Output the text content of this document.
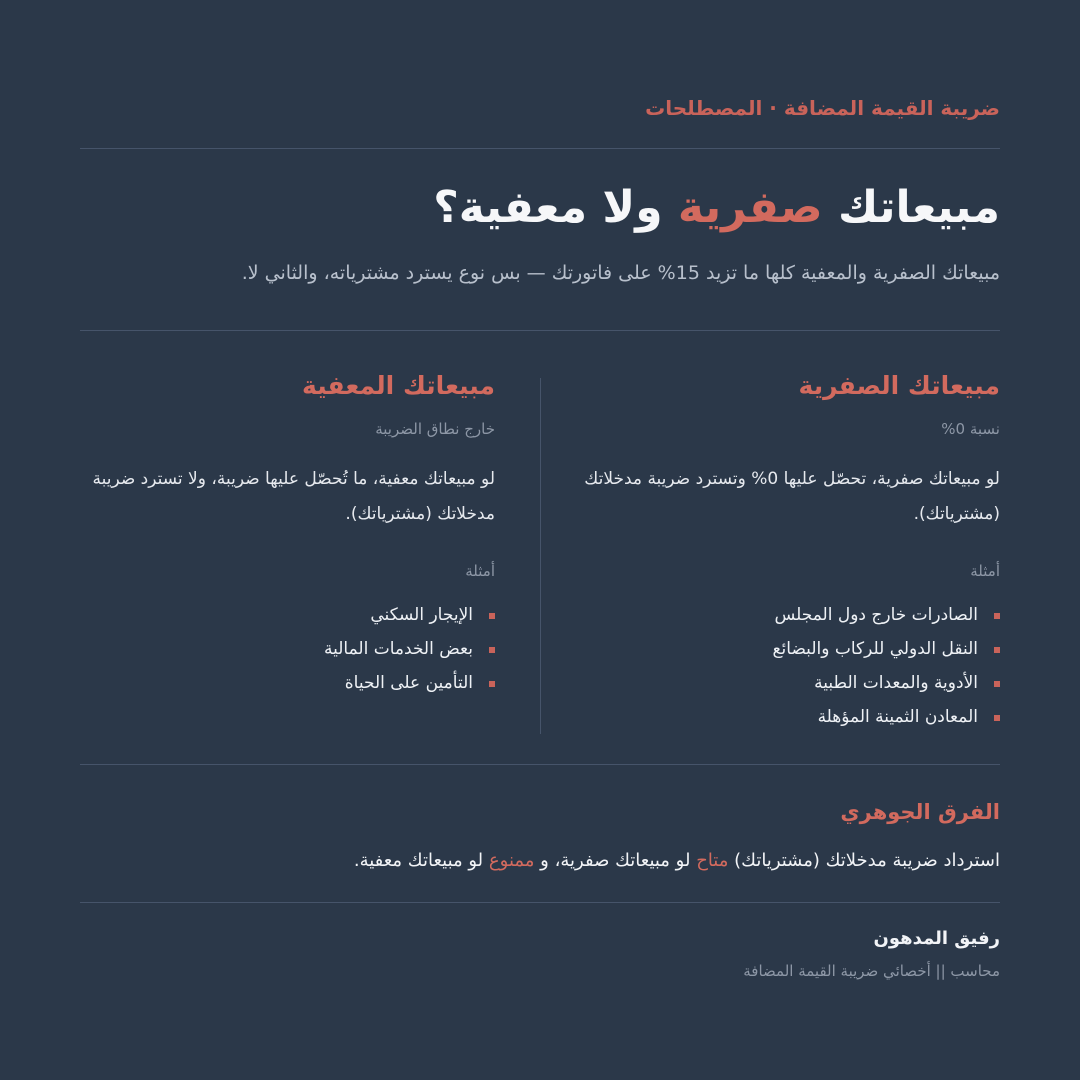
ضريبة القيمة المضافة · المصطلحات
مبيعاتك صفرية ولا معفية؟
مبيعاتك الصفرية والمعفية كلها ما تزيد 15% على فاتورتك — بس نوع يسترد مشترياته، والثاني لا.
مبيعاتك الصفرية
نسبة 0%
لو مبيعاتك صفرية، تحصّل عليها 0% وتسترد ضريبة مدخلاتك (مشترياتك).
أمثلة
الصادرات خارج دول المجلس
النقل الدولي للركاب والبضائع
الأدوية والمعدات الطبية
المعادن الثمينة المؤهلة
مبيعاتك المعفية
خارج نطاق الضريبة
لو مبيعاتك معفية، ما تُحصّل عليها ضريبة، ولا تسترد ضريبة مدخلاتك (مشترياتك).
أمثلة
الإيجار السكني
بعض الخدمات المالية
التأمين على الحياة
الفرق الجوهري
استرداد ضريبة مدخلاتك (مشترياتك) متاح لو مبيعاتك صفرية، و ممنوع لو مبيعاتك معفية.
رفيق المدهون
محاسب || أخصائي ضريبة القيمة المضافة
